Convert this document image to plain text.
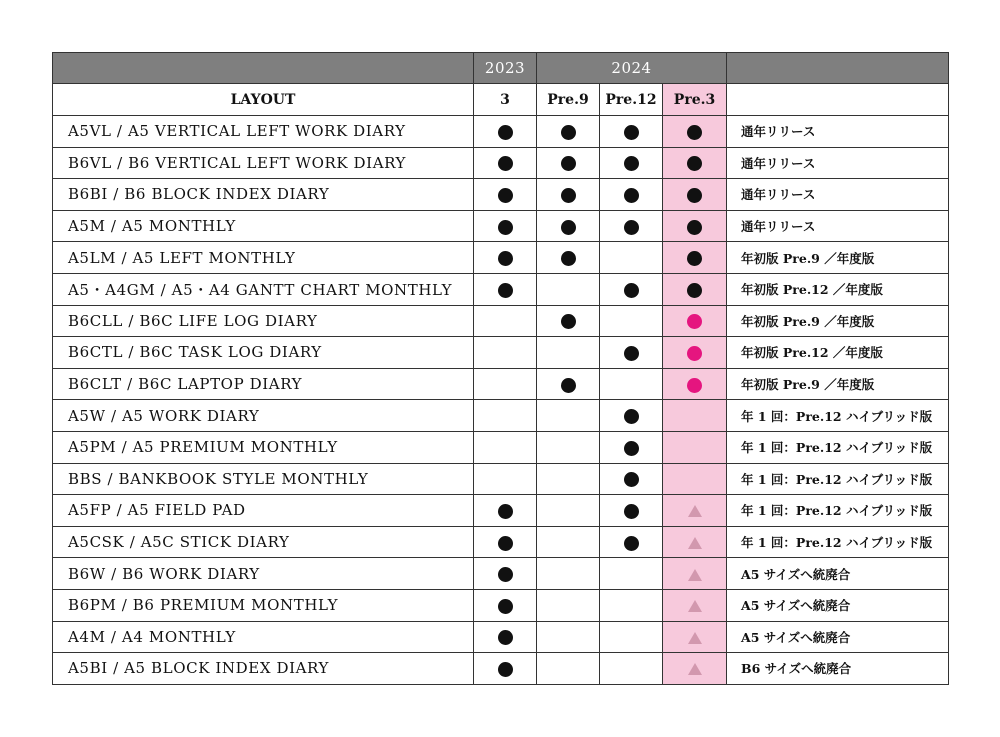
	2023	2024			
LAYOUT	3	Pre.9	Pre.12	Pre.3	
A5VL / A5 VERTICAL LEFT WORK DIARY					通年リリース
B6VL / B6 VERTICAL LEFT WORK DIARY					通年リリース
B6BI / B6 BLOCK INDEX DIARY					通年リリース
A5M / A5 MONTHLY					通年リリース
A5LM / A5 LEFT MONTHLY					年初版 Pre.9 ／年度版
A5・A4GM / A5・A4 GANTT CHART MONTHLY					年初版 Pre.12 ／年度版
B6CLL / B6C LIFE LOG DIARY					年初版 Pre.9 ／年度版
B6CTL / B6C TASK LOG DIARY					年初版 Pre.12 ／年度版
B6CLT / B6C LAPTOP DIARY					年初版 Pre.9 ／年度版
A5W / A5 WORK DIARY					年 1 回：Pre.12 ハイブリッド版
A5PM / A5 PREMIUM MONTHLY					年 1 回：Pre.12 ハイブリッド版
BBS / BANKBOOK STYLE MONTHLY					年 1 回：Pre.12 ハイブリッド版
A5FP / A5 FIELD PAD					年 1 回：Pre.12 ハイブリッド版
A5CSK / A5C STICK DIARY					年 1 回：Pre.12 ハイブリッド版
B6W / B6 WORK DIARY					A5 サイズへ統廃合
B6PM / B6 PREMIUM MONTHLY					A5 サイズへ統廃合
A4M / A4 MONTHLY					A5 サイズへ統廃合
A5BI / A5 BLOCK INDEX DIARY					B6 サイズへ統廃合
